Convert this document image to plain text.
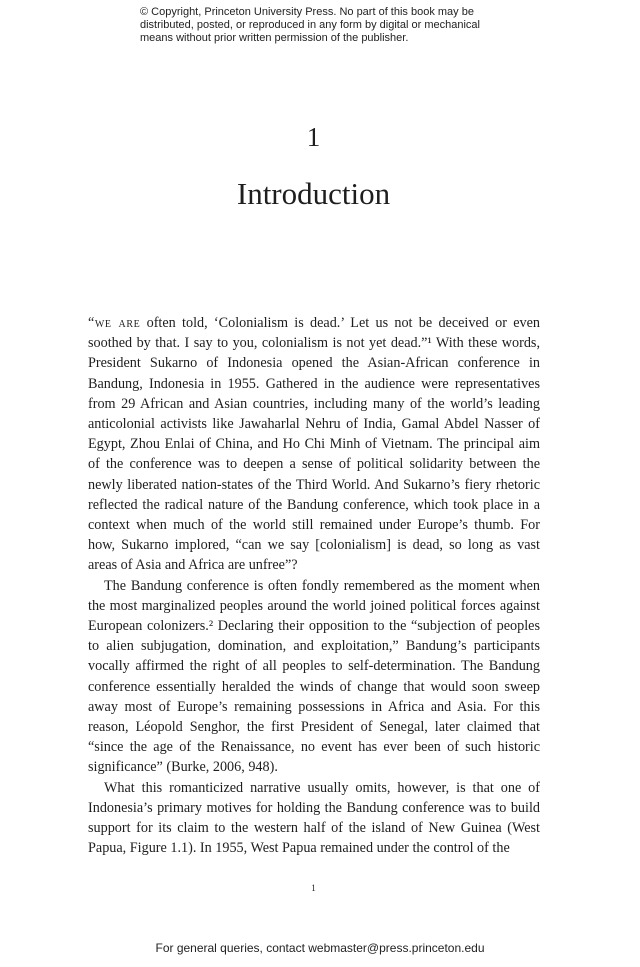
© Copyright, Princeton University Press. No part of this book may be
distributed, posted, or reproduced in any form by digital or mechanical
means without prior written permission of the publisher.
1
Introduction

“we are often told, ‘Colonialism is dead.’ Let us not be deceived or even soothed by that. I say to you, colonialism is not yet dead.”¹ With these words, President Sukarno of Indonesia opened the Asian-African conference in Bandung, Indonesia in 1955. Gathered in the audience were representatives from 29 African and Asian countries, including many of the world’s leading anticolonial activists like Jawaharlal Nehru of India, Gamal Abdel Nasser of Egypt, Zhou Enlai of China, and Ho Chi Minh of Vietnam. The principal aim of the conference was to deepen a sense of political solidarity between the newly liberated nation-states of the Third World. And Sukarno’s fiery rhetoric reflected the radical nature of the Bandung conference, which took place in a context when much of the world still remained under Europe’s thumb. For how, Sukarno implored, “can we say [colonialism] is dead, so long as vast areas of Asia and Africa are unfree”?

The Bandung conference is often fondly remembered as the moment when the most marginalized peoples around the world joined political forces against European colonizers.² Declaring their opposition to the “subjection of peoples to alien subjugation, domination, and exploitation,” Bandung’s participants vocally affirmed the right of all peoples to self-determination. The Bandung conference essentially heralded the winds of change that would soon sweep away most of Europe’s remaining possessions in Africa and Asia. For this reason, Léopold Senghor, the first President of Senegal, later claimed that “since the age of the Renaissance, no event has ever been of such historic significance” (Burke, 2006, 948).

What this romanticized narrative usually omits, however, is that one of Indonesia’s primary motives for holding the Bandung conference was to build support for its claim to the western half of the island of New Guinea (West Papua, Figure 1.1). In 1955, West Papua remained under the control of the

1
For general queries, contact webmaster@press.princeton.edu
